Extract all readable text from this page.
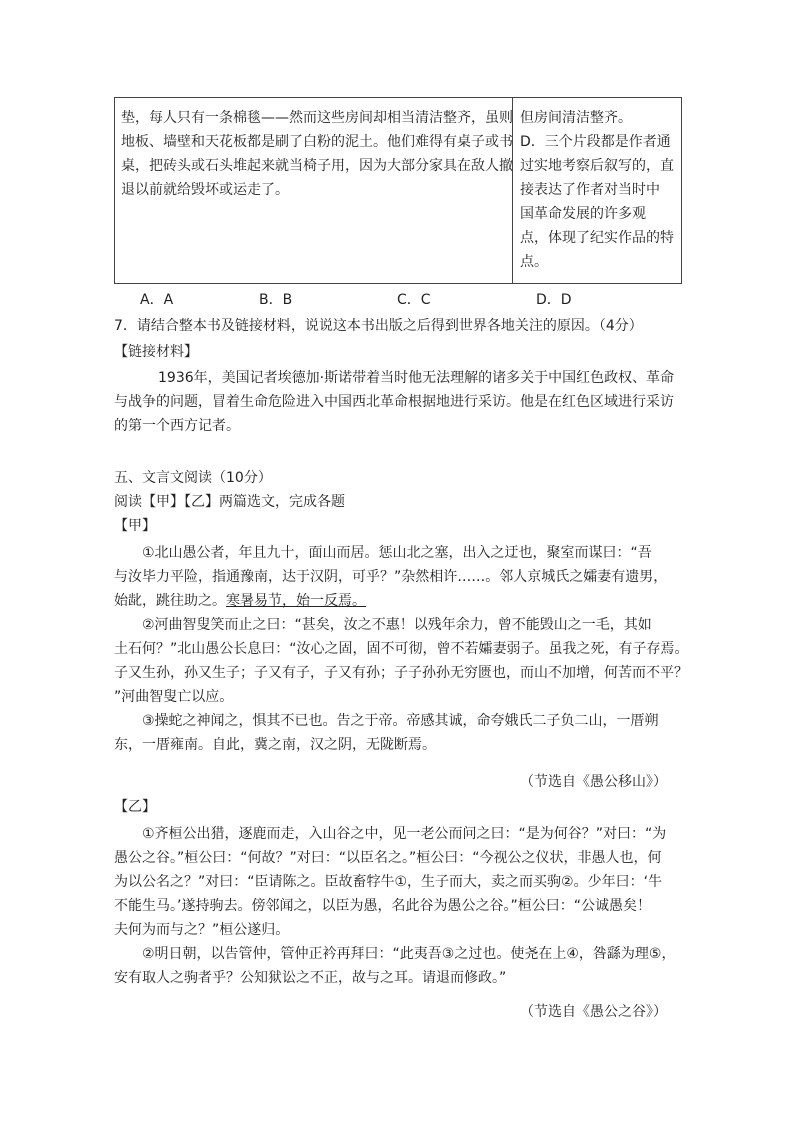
垫，每人只有一条棉毯——然而这些房间却相当清洁整齐，虽则
地板、墙壁和天花板都是刷了白粉的泥土。他们难得有桌子或书
桌，把砖头或石头堆起来就当椅子用，因为大部分家具在敌人撤
退以前就给毁坏或运走了。
但房间清洁整齐。
D．三个片段都是作者通
过实地考察后叙写的，直
接表达了作者对当时中
国革命发展的许多观
点，体现了纪实作品的特
点。
A．A	B．B	C．C	D．D
7．请结合整本书及链接材料，说说这本书出版之后得到世界各地关注的原因。（4分）
【链接材料】
1936年，美国记者埃德加·斯诺带着当时他无法理解的诸多关于中国红色政权、革命
与战争的问题，冒着生命危险进入中国西北革命根据地进行采访。他是在红色区域进行采访
的第一个西方记者。
五、文言文阅读（10分）
阅读【甲】【乙】两篇选文，完成各题
【甲】
①北山愚公者，年且九十，面山而居。惩山北之塞，出入之迂也，聚室而谋曰：“吾
与汝毕力平险，指通豫南，达于汉阴，可乎？”杂然相许……。邻人京城氏之孀妻有遗男，
始龀，跳往助之。寒暑易节，始一反焉。
②河曲智叟笑而止之曰：“甚矣，汝之不惠！以残年余力，曾不能毁山之一毛，其如
土石何？”北山愚公长息曰：“汝心之固，固不可彻，曾不若孀妻弱子。虽我之死，有子存焉。
子又生孙，孙又生子；子又有子，子又有孙；子子孙孙无穷匮也，而山不加增，何苦而不平？
”河曲智叟亡以应。
③操蛇之神闻之，惧其不已也。告之于帝。帝感其诚，命夸娥氏二子负二山，一厝朔
东，一厝雍南。自此，冀之南，汉之阴，无陇断焉。
（节选自《愚公移山》）
【乙】
①齐桓公出猎，逐鹿而走，入山谷之中，见一老公而问之曰：“是为何谷？”对曰：“为
愚公之谷。”桓公曰：“何故？”对曰：“以臣名之。”桓公曰：“今视公之仪状，非愚人也，何
为以公名之？”对曰：“臣请陈之。臣故畜牸牛①，生子而大，卖之而买驹②。少年曰：‘牛
不能生马。’遂持驹去。傍邻闻之，以臣为愚，名此谷为愚公之谷。”桓公曰：“公诚愚矣！
夫何为而与之？”桓公遂归。
②明日朝，以告管仲，管仲正衿再拜曰：“此夷吾③之过也。使尧在上④，咎繇为理⑤，
安有取人之驹者乎？公知狱讼之不正，故与之耳。请退而修政。”
（节选自《愚公之谷》）
